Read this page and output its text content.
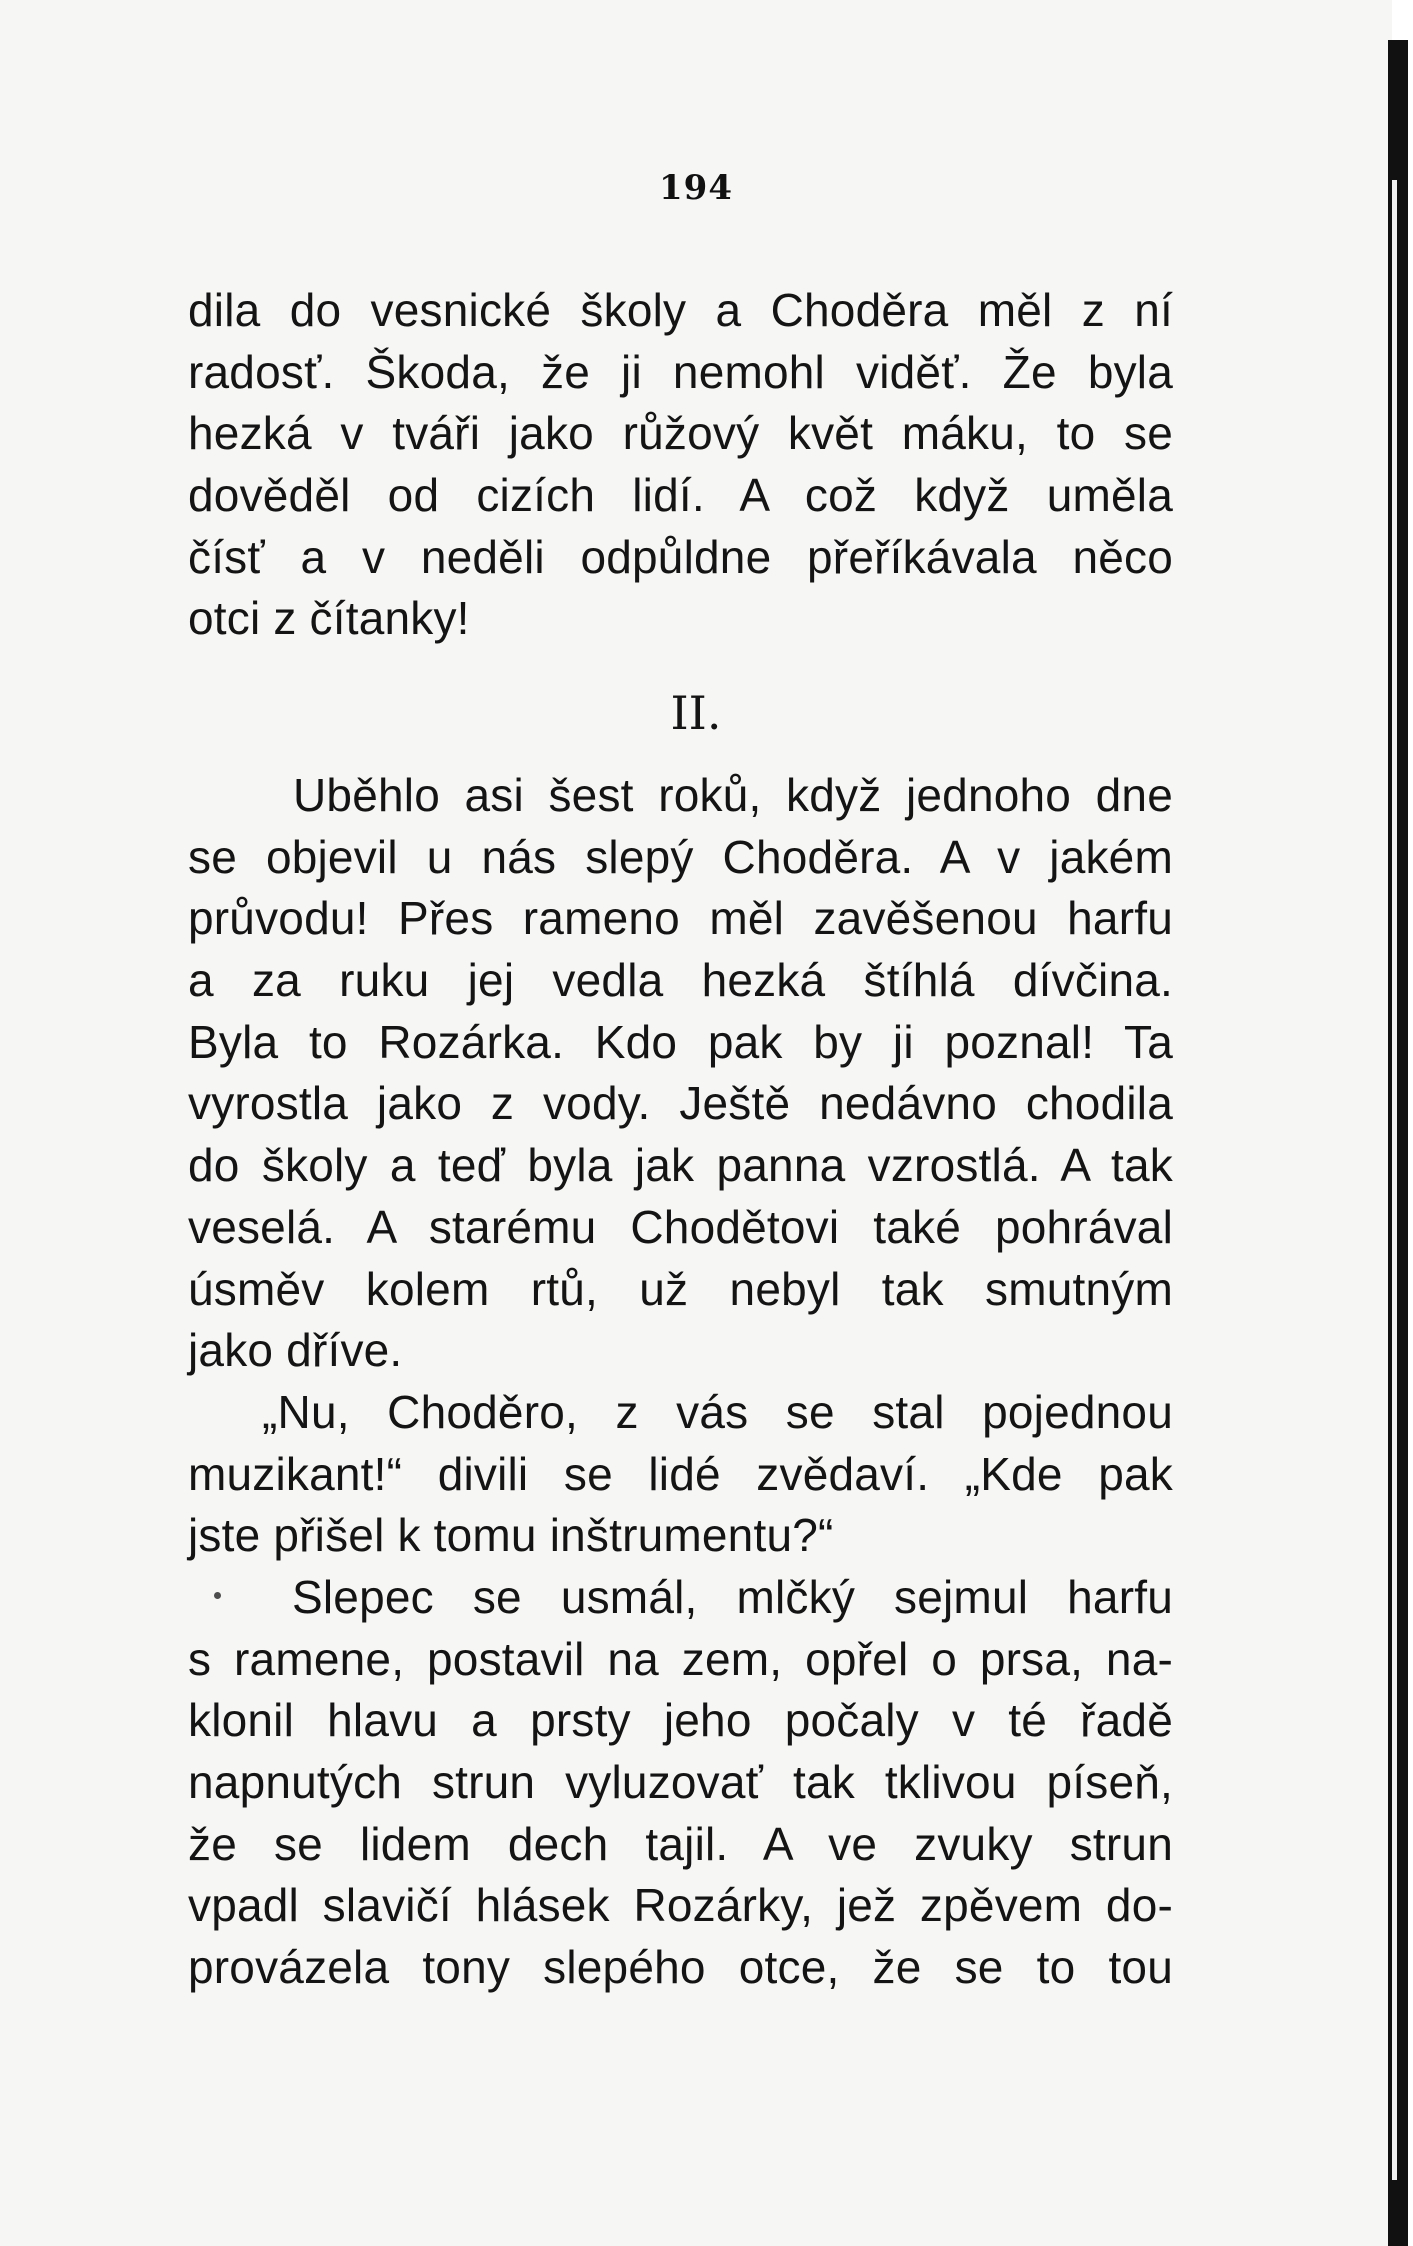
194
dila do vesnické školy a Choděra měl z ní
radosť. Škoda, že ji nemohl viděť. Že byla
hezká v tváři jako růžový květ máku, to se
dověděl od cizích lidí. A což když uměla
čísť a v neděli odpůldne přeříkávala něco
otci z čítanky!
II.
Uběhlo asi šest roků, když jednoho dne
se objevil u nás slepý Choděra. A v jakém
průvodu! Přes rameno měl zavěšenou harfu
a za ruku jej vedla hezká štíhlá dívčina.
Byla to Rozárka. Kdo pak by ji poznal! Ta
vyrostla jako z vody. Ještě nedávno chodila
do školy a teď byla jak panna vzrostlá. A tak
veselá. A starému Chodětovi také pohrával
úsměv kolem rtů, už nebyl tak smutným
jako dříve.
„Nu, Choděro, z vás se stal pojednou
muzikant!“ divili se lidé zvědaví. „Kde pak
jste přišel k tomu inštrumentu?“
Slepec se usmál, mlčký sejmul harfu
s ramene, postavil na zem, opřel o prsa, na-
klonil hlavu a prsty jeho počaly v té řadě
napnutých strun vyluzovať tak tklivou píseň,
že se lidem dech tajil. A ve zvuky strun
vpadl slavičí hlásek Rozárky, jež zpěvem do-
provázela tony slepého otce, že se to tou
